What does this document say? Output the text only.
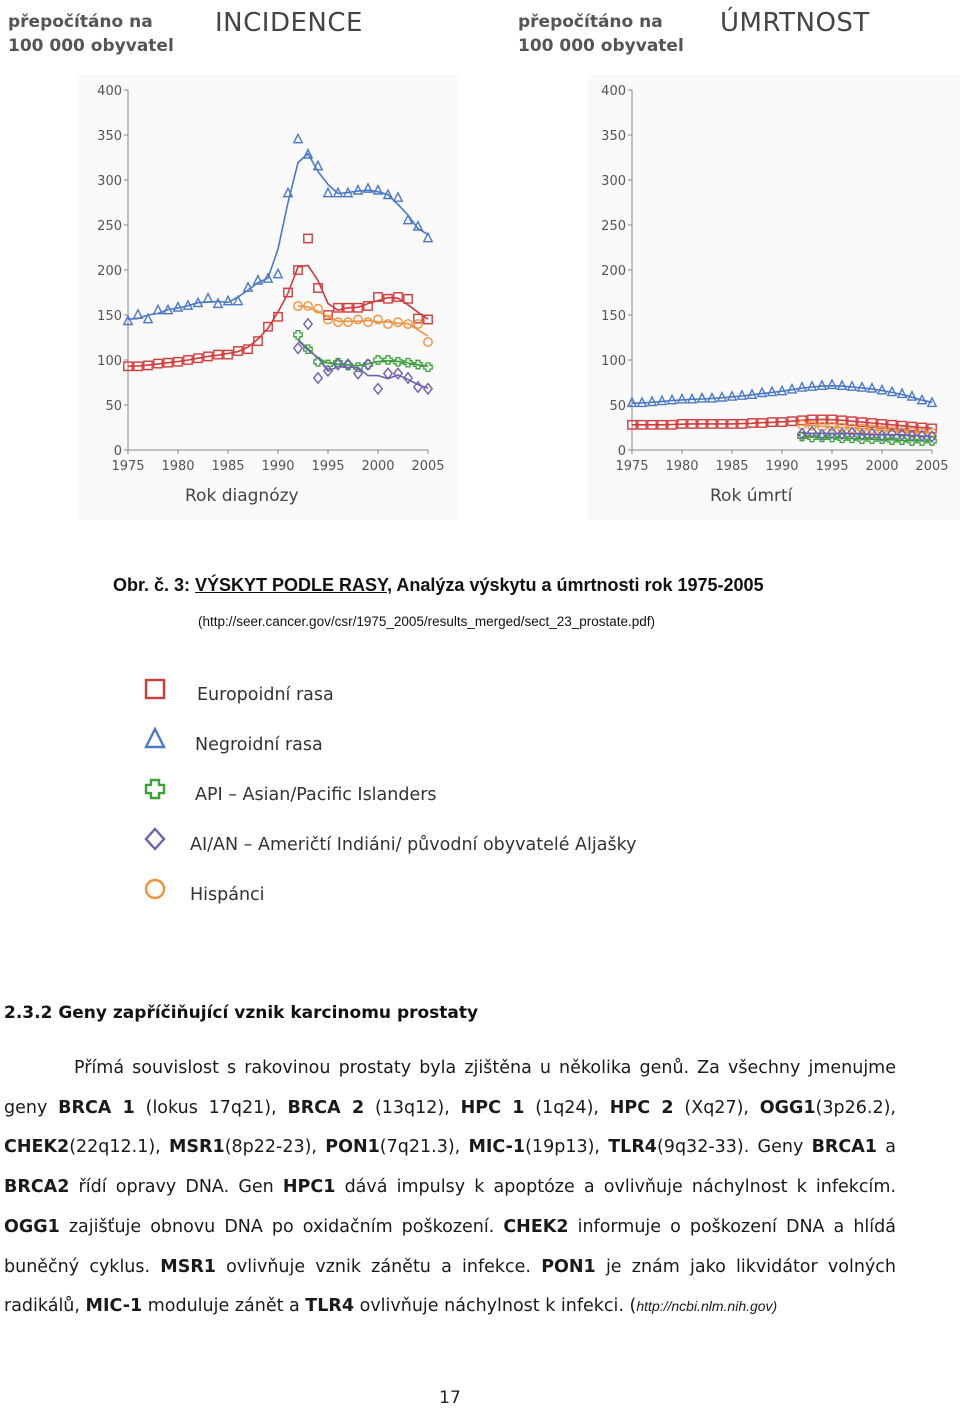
přepočítáno na
100 000 obyvatel
INCIDENCE
0
50
100
150
200
250
300
350
400
1975 1980 1985 1990 1995 2000 2005
Rok diagnózy
přepočítáno na
100 000 obyvatel
ÚMRTNOST
0
50
100
150
200
250
300
350
400
1975 1980 1985 1990 1995 2000 2005
Rok úmrtí
Obr. č. 3: VÝSKYT PODLE RASY, Analýza výskytu a úmrtnosti rok 1975-2005
(http://seer.cancer.gov/csr/1975_2005/results_merged/sect_23_prostate.pdf)
Europoidní rasa
Negroidní rasa
API – Asian/Pacific Islanders
AI/AN – Američtí Indiáni/ původní obyvatelé Aljašky
Hispánci
2.3.2 Geny zapříčiňující vznik karcinomu prostaty
Přímá souvislost s rakovinou prostaty byla zjištěna u několika genů. Za všechny jmenujme geny BRCA 1 (lokus 17q21), BRCA 2 (13q12), HPC 1 (1q24), HPC 2 (Xq27), OGG1(3p26.2), CHEK2(22q12.1), MSR1(8p22-23), PON1(7q21.3), MIC-1(19p13), TLR4(9q32-33). Geny BRCA1 a BRCA2 řídí opravy DNA. Gen HPC1 dává impulsy k apoptóze a ovlivňuje náchylnost k infekcím. OGG1 zajišťuje obnovu DNA po oxidačním poškození. CHEK2 informuje o poškození DNA a hlídá buněčný cyklus. MSR1 ovlivňuje vznik zánětu a infekce. PON1 je znám jako likvidátor volných radikálů, MIC-1 moduluje zánět a TLR4 ovlivňuje náchylnost k infekci. (http://ncbi.nlm.nih.gov)
17
